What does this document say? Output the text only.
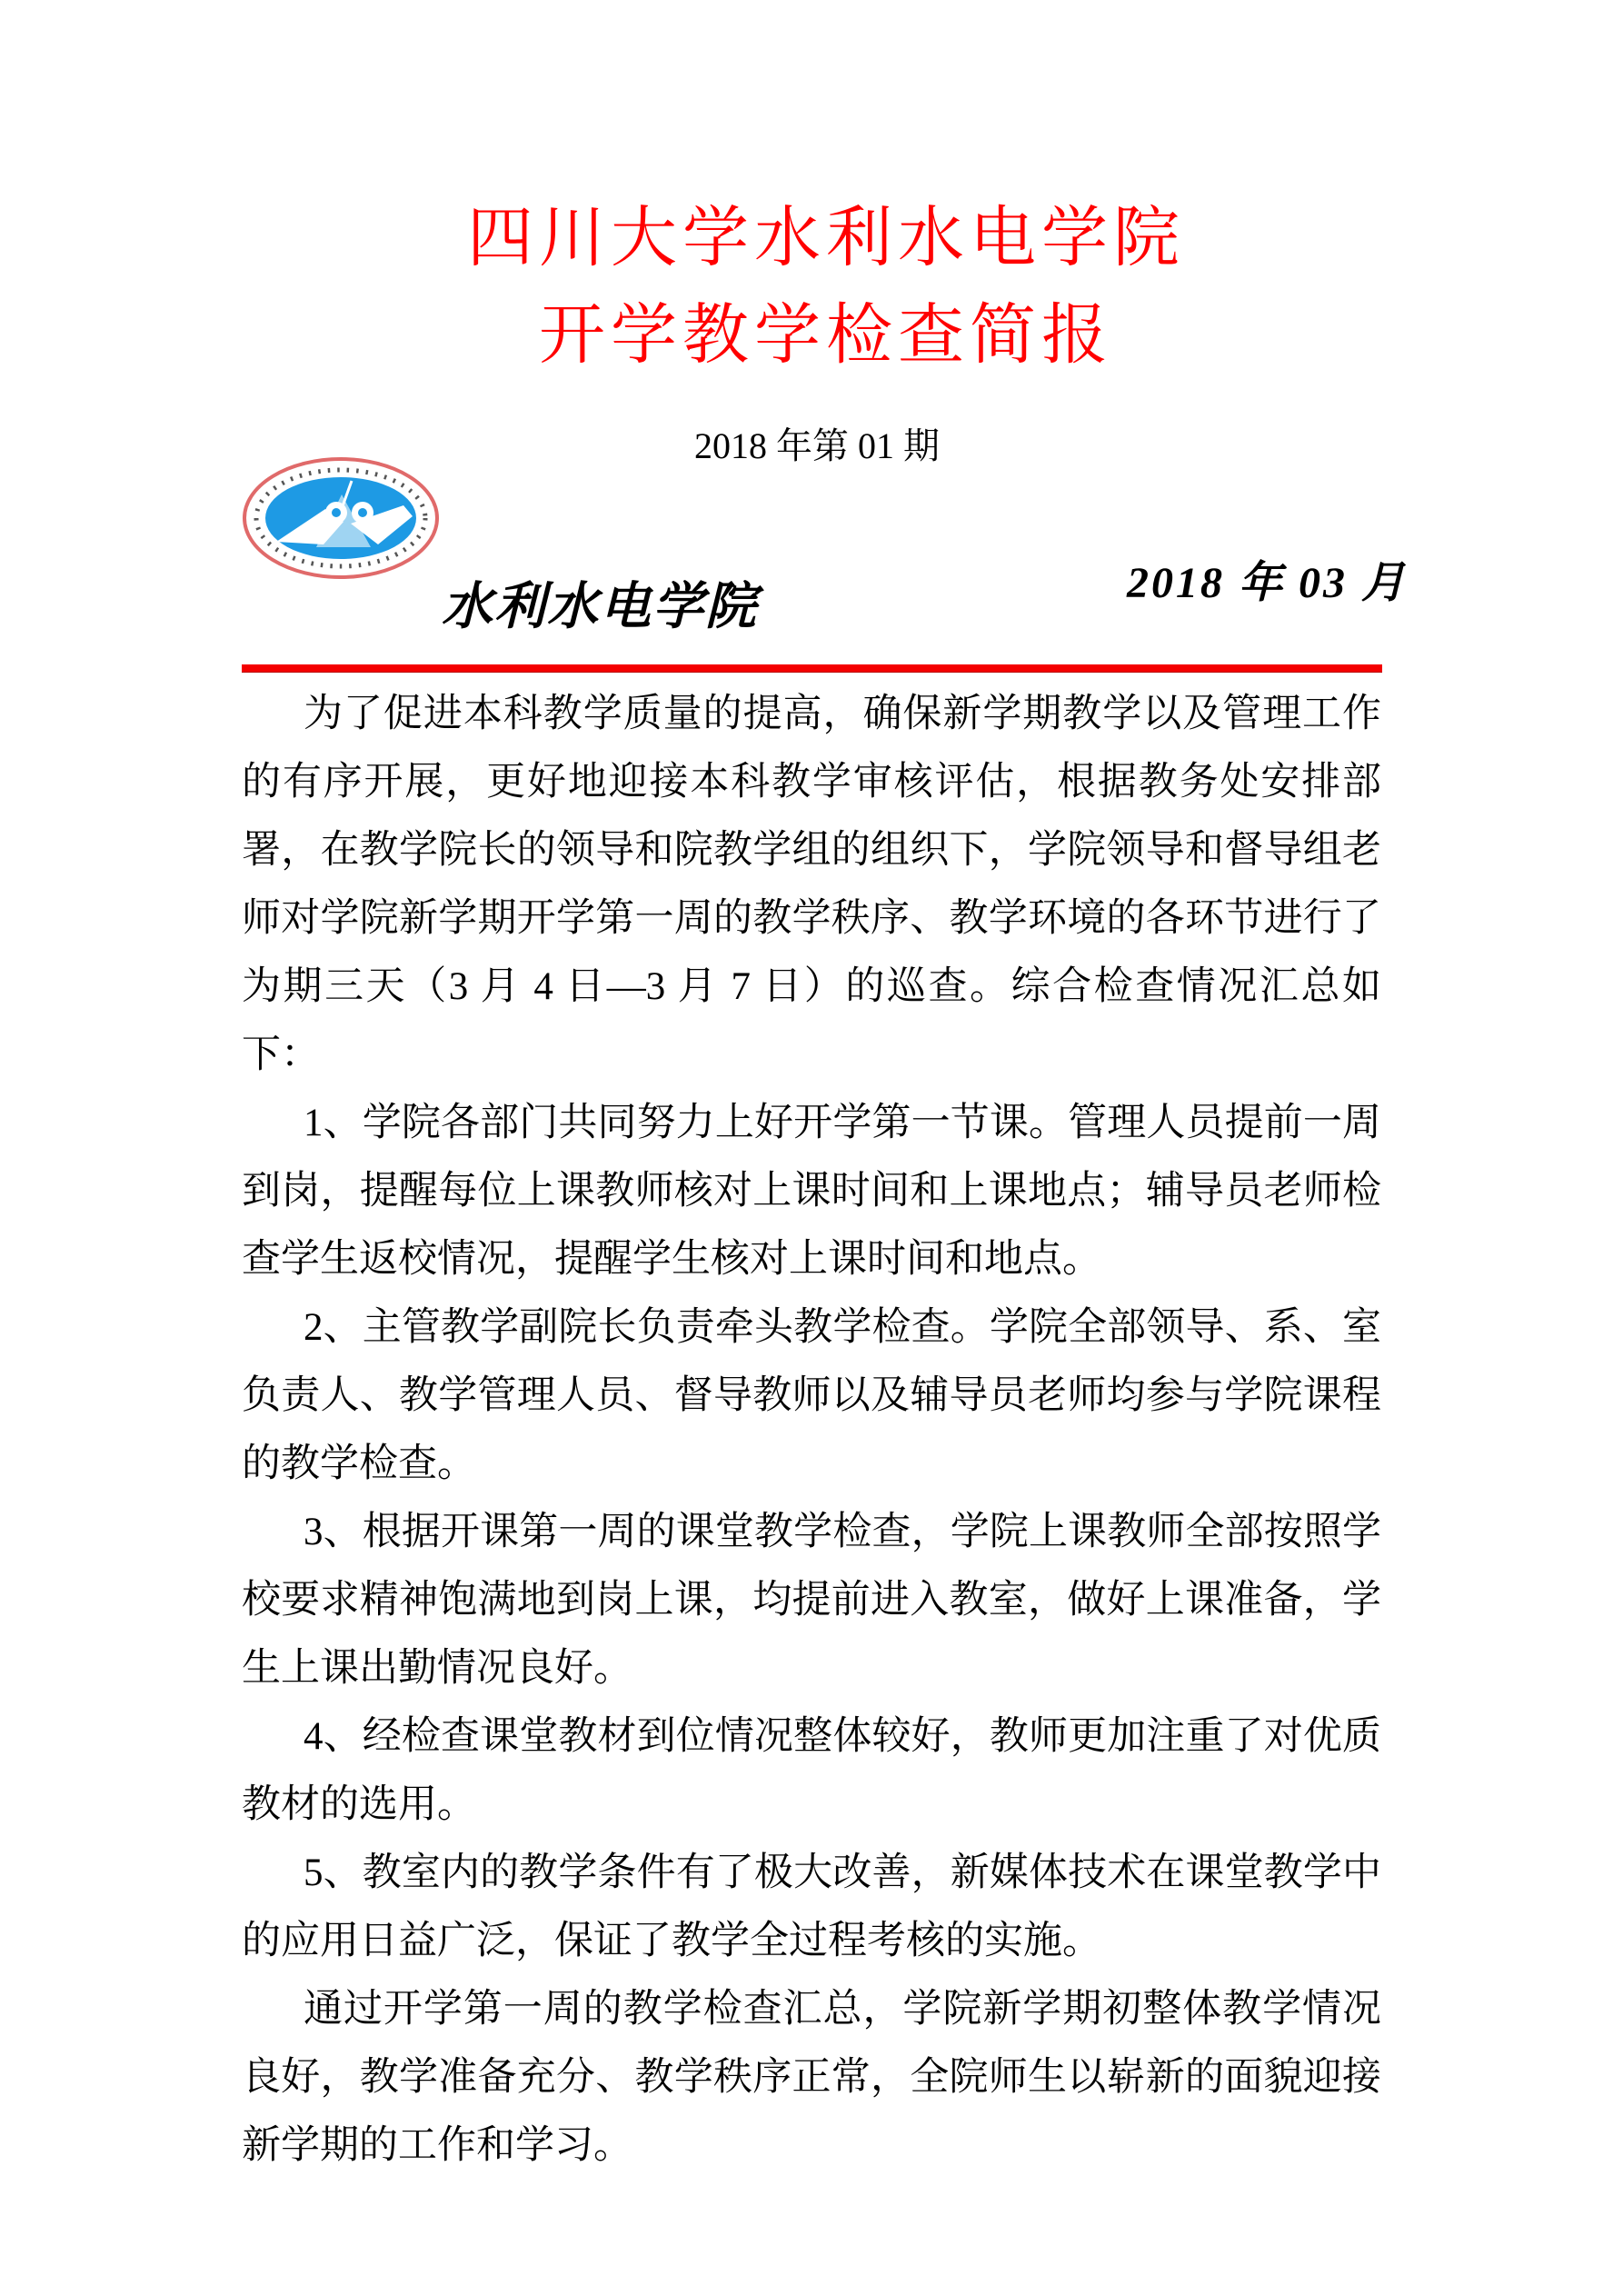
四川大学水利水电学院
开学教学检查简报
2018 年第 01 期
水利水电学院	2018 年 03 月

为了促进本科教学质量的提高，确保新学期教学以及管理工作的有序开展，更好地迎接本科教学审核评估，根据教务处安排部署，在教学院长的领导和院教学组的组织下，学院领导和督导组老师对学院新学期开学第一周的教学秩序、教学环境的各环节进行了为期三天（3 月 4 日—3 月 7 日）的巡查。综合检查情况汇总如下：

1、学院各部门共同努力上好开学第一节课。管理人员提前一周到岗，提醒每位上课教师核对上课时间和上课地点；辅导员老师检查学生返校情况，提醒学生核对上课时间和地点。

2、主管教学副院长负责牵头教学检查。学院全部领导、系、室负责人、教学管理人员、督导教师以及辅导员老师均参与学院课程的教学检查。

3、根据开课第一周的课堂教学检查，学院上课教师全部按照学校要求精神饱满地到岗上课，均提前进入教室，做好上课准备，学生上课出勤情况良好。

4、经检查课堂教材到位情况整体较好，教师更加注重了对优质教材的选用。

5、教室内的教学条件有了极大改善，新媒体技术在课堂教学中的应用日益广泛，保证了教学全过程考核的实施。

通过开学第一周的教学检查汇总，学院新学期初整体教学情况良好，教学准备充分、教学秩序正常，全院师生以崭新的面貌迎接新学期的工作和学习。
